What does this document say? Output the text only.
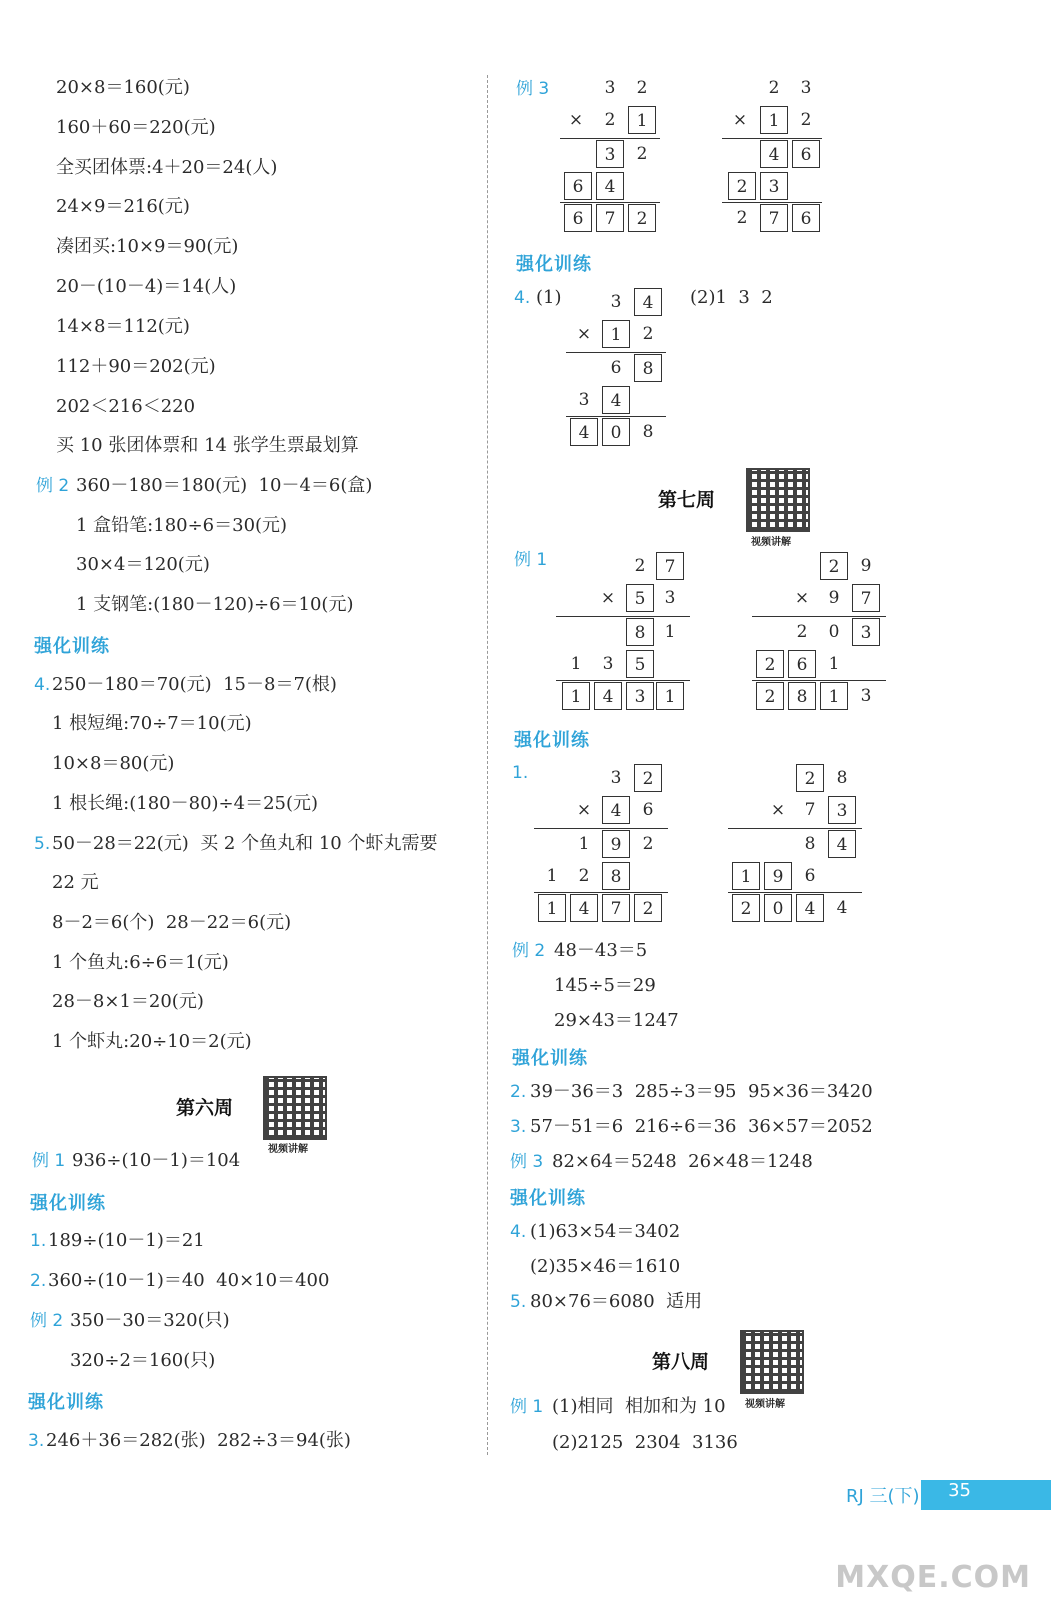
20×8＝160(元)
160＋60＝220(元)
全买团体票:4＋20＝24(人)
24×9＝216(元)
凑团买:10×9＝90(元)
20－(10－4)＝14(人)
14×8＝112(元)
112＋90＝202(元)
202＜216＜220
买 10 张团体票和 14 张学生票最划算
例 2 360－180＝180(元)  10－4＝6(盒)
1 盒铅笔:180÷6＝30(元)
30×4＝120(元)
1 支钢笔:(180－120)÷6＝10(元)
强化训练
4. 250－180＝70(元)  15－8＝7(根)
1 根短绳:70÷7＝10(元)
10×8＝80(元)
1 根长绳:(180－80)÷4＝25(元)
5. 50－28＝22(元)  买 2 个鱼丸和 10 个虾丸需要
22 元
8－2＝6(个)  28－22＝6(元)
1 个鱼丸:6÷6＝1(元)
28－8×1＝20(元)
1 个虾丸:20÷10＝2(元)
第六周
视频讲解
例 1 936÷(10－1)＝104
强化训练
1. 189÷(10－1)＝21
2. 360÷(10－1)＝40  40×10＝400
例 2 350－30＝320(只)
320÷2＝160(只)
强化训练
3. 246＋36＝282(张)  282÷3＝94(张)
例 3	3	2
×	2	1
3	2
6	4
6	7	2
2	3
×	1	2
4	6
2	3
2	7	6
强化训练
4. (1)	(2)1  3  2
3	4
×	1	2
6	8
3	4
4	0	8
第七周
视频讲解
例 1	2	7
×	5	3
8	1
1	3	5
1	4	3	1
2	9
×	9	7
2	0	3
2	6	1
2	8	1	3
强化训练
1.	3	2
×	4	6
1	9	2
1	2	8
1	4	7	2
2	8
×	7	3
8	4
1	9	6
2	0	4	4
例 2 48－43＝5
145÷5＝29
29×43＝1247
强化训练
2. 39－36＝3  285÷3＝95  95×36＝3420
3. 57－51＝6  216÷6＝36  36×57＝2052
例 3 82×64＝5248  26×48＝1248
强化训练
4. (1)63×54＝3402
(2)35×46＝1610
5. 80×76＝6080  适用
第八周
视频讲解
例 1 (1)相同  相加和为 10
(2)2125  2304  3136
RJ 三(下) 35
MXQE.COM
